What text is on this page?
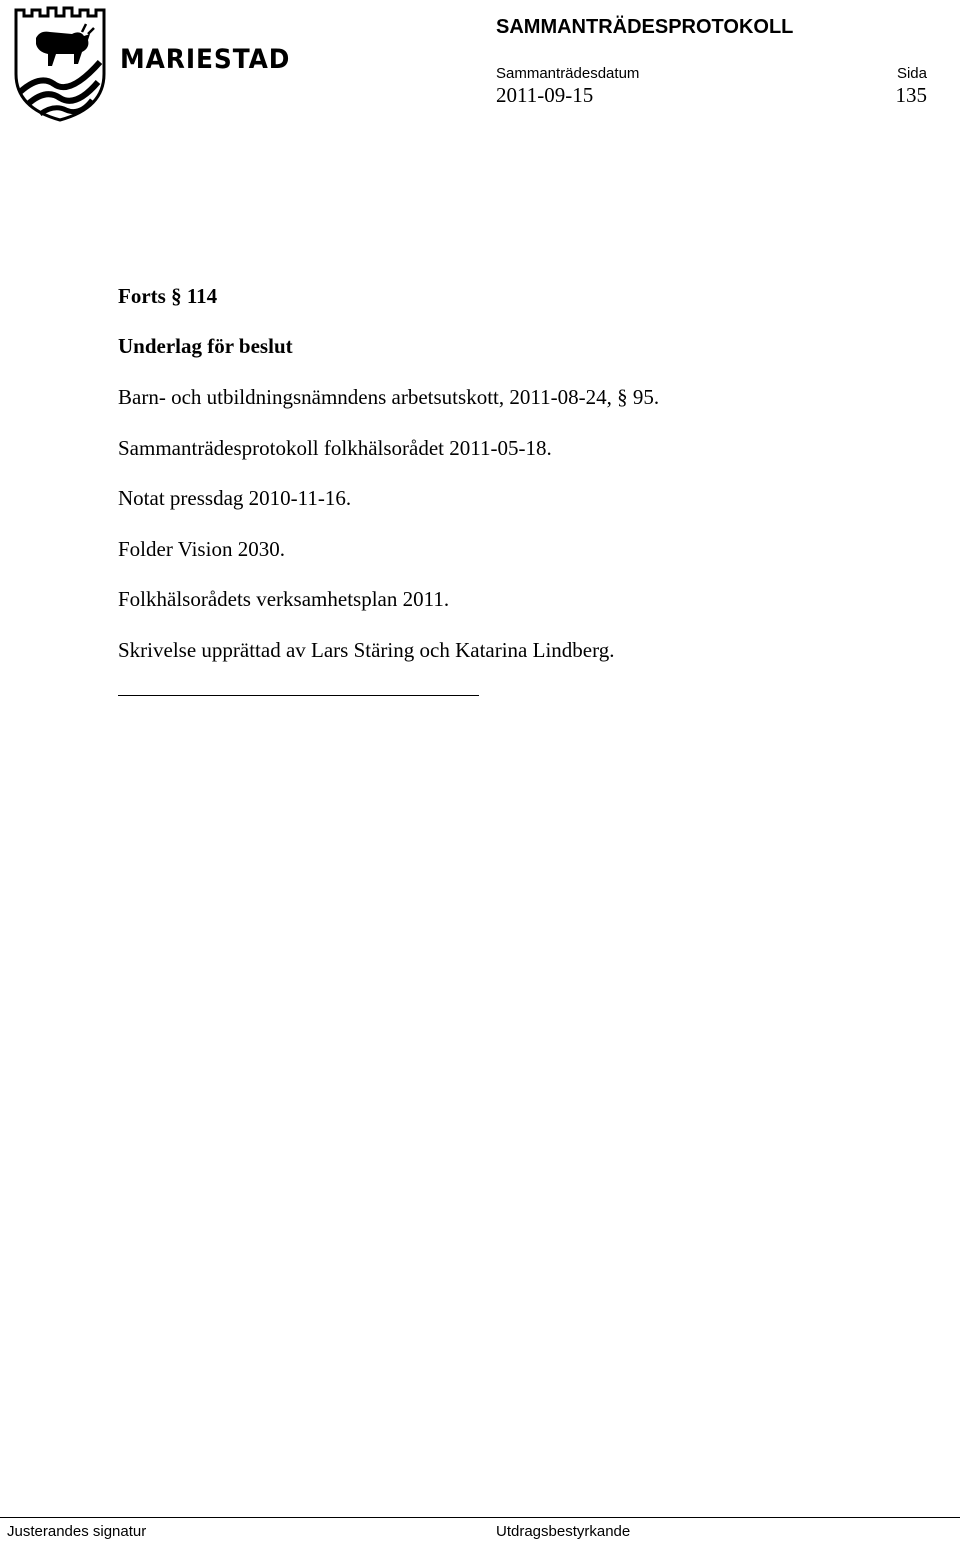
MARIESTAD
SAMMANTRÄDESPROTOKOLL
Sammanträdesdatum	Sida
2011-09-15	135
Forts § 114
Underlag för beslut
Barn- och utbildningsnämndens arbetsutskott, 2011-08-24, § 95.
Sammanträdesprotokoll folkhälsorådet 2011-05-18.
Notat pressdag 2010-11-16.
Folder Vision 2030.
Folkhälsorådets verksamhetsplan 2011.
Skrivelse upprättad av Lars Stäring och Katarina Lindberg.
Justerandes signatur	Utdragsbestyrkande
